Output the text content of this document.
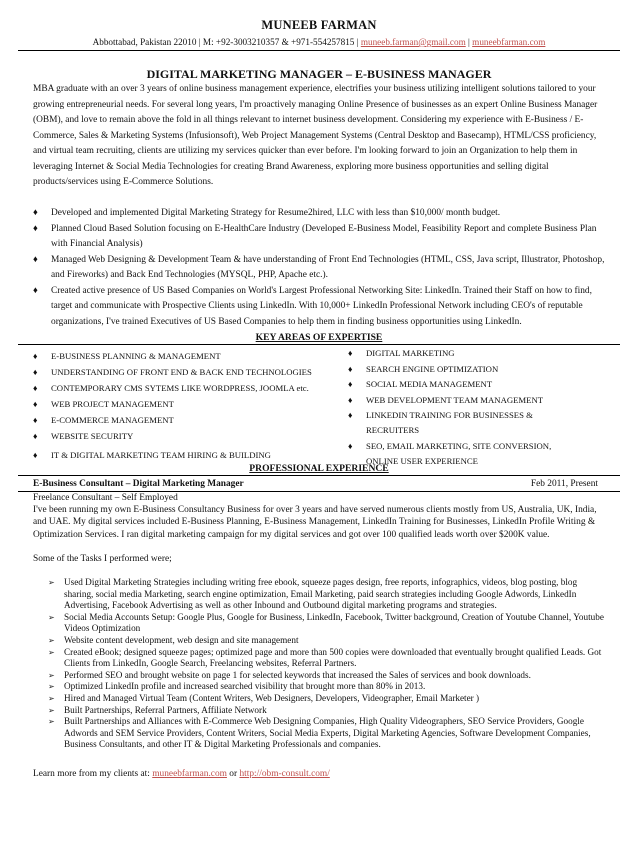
MUNEEB FARMAN
Abbottabad, Pakistan 22010 | M: +92-3003210357 & +971-554257815 | muneeb.farman@gmail.com | muneebfarman.com
DIGITAL MARKETING MANAGER – E-BUSINESS MANAGER
MBA graduate with an over 3 years of online business management experience, electrifies your business utilizing intelligent solutions tailored to your growing entrepreneurial needs. For several long years, I'm proactively managing Online Presence of businesses as an expert Online Business Manager (OBM), and love to remain above the fold in all things relevant to internet business development. Considering my experience with E-Business / E-Commerce, Sales & Marketing Systems (Infusionsoft), Web Project Management Systems (Central Desktop and Basecamp), HTML/CSS proficiency, and virtual team recruiting, clients are utilizing my services quicker than ever before. I'm looking forward to join an Organization to help them in leveraging Internet & Social Media Technologies for creating Brand Awareness, exploring more business opportunities and selling digital products/services using E-Commerce Solutions.
♦ Developed and implemented Digital Marketing Strategy for Resume2hired, LLC with less than $10,000/ month budget.
♦ Planned Cloud Based Solution focusing on E-HealthCare Industry (Developed E-Business Model, Feasibility Report and complete Business Plan with Financial Analysis)
♦ Managed Web Designing & Development Team & have understanding of Front End Technologies (HTML, CSS, Java script, Illustrator, Photoshop, and Fireworks) and Back End Technologies (MYSQL, PHP, Apache etc.).
♦ Created active presence of US Based Companies on World's Largest Professional Networking Site: LinkedIn. Trained their Staff on how to find, target and communicate with Prospective Clients using LinkedIn. With 10,000+ LinkedIn Professional Network including CEO's of reputable organizations, I've trained Executives of US Based Companies to help them in finding business opportunities using LinkedIn.
KEY AREAS OF EXPERTISE
♦ E-BUSINESS PLANNING & MANAGEMENT
♦ UNDERSTANDING OF FRONT END & BACK END TECHNOLOGIES
♦ CONTEMPORARY CMS SYTEMS LIKE WORDPRESS, JOOMLA etc.
♦ WEB PROJECT MANAGEMENT
♦ E-COMMERCE MANAGEMENT
♦ WEBSITE SECURITY
♦ IT & DIGITAL MARKETING TEAM HIRING & BUILDING
♦ DIGITAL MARKETING
♦ SEARCH ENGINE OPTIMIZATION
♦ SOCIAL MEDIA MANAGEMENT
♦ WEB DEVELOPMENT TEAM MANAGEMENT
♦ LINKEDIN TRAINING FOR BUSINESSES &
RECRUITERS
♦ SEO, EMAIL MARKETING, SITE CONVERSION,
ONLINE USER EXPERIENCE
PROFESSIONAL EXPERIENCE
E-Business Consultant – Digital Marketing Manager	Feb 2011, Present
Freelance Consultant – Self Employed
I've been running my own E-Business Consultancy Business for over 3 years and have served numerous clients mostly from US, Australia, UK, India, and UAE. My digital services included E-Business Planning, E-Business Management, LinkedIn Training for Businesses, LinkedIn Profile Writing & Optimization Services. I ran digital marketing campaign for my digital services and got over 100 qualified leads worth over $200K value.
Some of the Tasks I performed were;
➢ Used Digital Marketing Strategies including writing free ebook, squeeze pages design, free reports, infographics, videos, blog posting, blog sharing, social media Marketing, search engine optimization, Email Marketing, paid search strategies including Google Adwords, LinkedIn Advertising, Facebook Advertising as well as other Inbound and Outbound digital marketing programs and strategies.
➢ Social Media Accounts Setup: Google Plus, Google for Business, LinkedIn, Facebook, Twitter background, Creation of Youtube Channel, Youtube Videos Optimization
➢ Website content development, web design and site management
➢ Created eBook; designed squeeze pages; optimized page and more than 500 copies were downloaded that eventually brought qualified Leads. Got Clients from LinkedIn, Google Search, Freelancing websites, Referral Partners.
➢ Performed SEO and brought website on page 1 for selected keywords that increased the Sales of services and book downloads.
➢ Optimized LinkedIn profile and increased searched visibility that brought more than 80% in 2013.
➢ Hired and Managed Virtual Team (Content Writers, Web Designers, Developers, Videographer, Email Marketer )
➢ Built Partnerships, Referral Partners, Affiliate Network
➢ Built Partnerships and Alliances with E-Commerce Web Designing Companies, High Quality Videographers, SEO Service Providers, Google Adwords and SEM Service Providers, Content Writers, Social Media Experts, Digital Marketing Agencies, Software Development Companies, Business Consultants, and other IT & Digital Marketing Professionals and companies.
Learn more from my clients at: muneebfarman.com or http://obm-consult.com/
